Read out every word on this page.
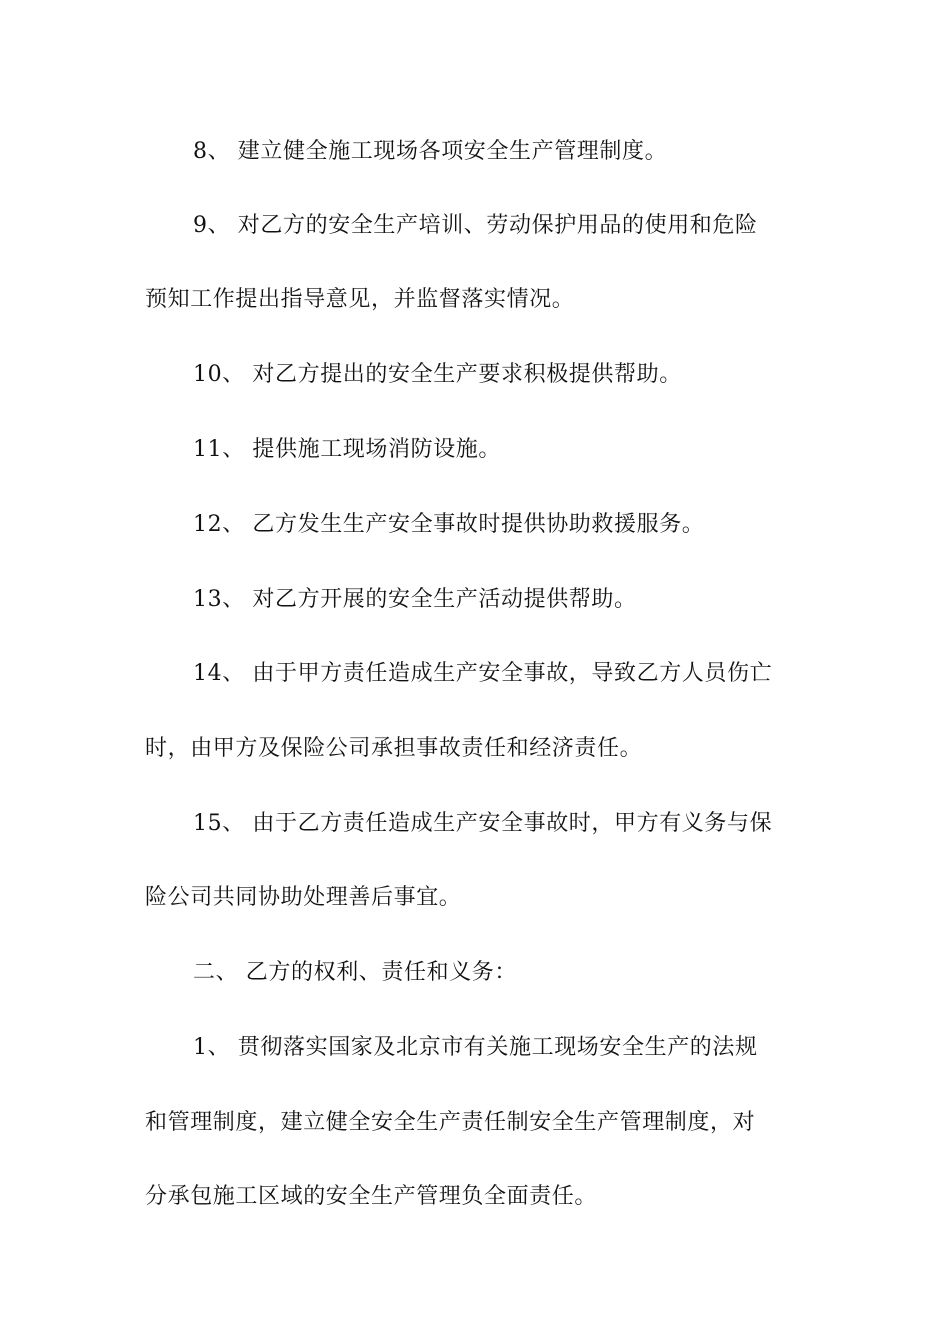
8、 建立健全施工现场各项安全生产管理制度。
9、 对乙方的安全生产培训、劳动保护用品的使用和危险
预知工作提出指导意见，并监督落实情况。
10、 对乙方提出的安全生产要求积极提供帮助。
11、 提供施工现场消防设施。
12、 乙方发生生产安全事故时提供协助救援服务。
13、 对乙方开展的安全生产活动提供帮助。
14、 由于甲方责任造成生产安全事故，导致乙方人员伤亡
时，由甲方及保险公司承担事故责任和经济责任。
15、 由于乙方责任造成生产安全事故时，甲方有义务与保
险公司共同协助处理善后事宜。
二、 乙方的权利、责任和义务：
1、 贯彻落实国家及北京市有关施工现场安全生产的法规
和管理制度，建立健全安全生产责任制安全生产管理制度，对
分承包施工区域的安全生产管理负全面责任。
